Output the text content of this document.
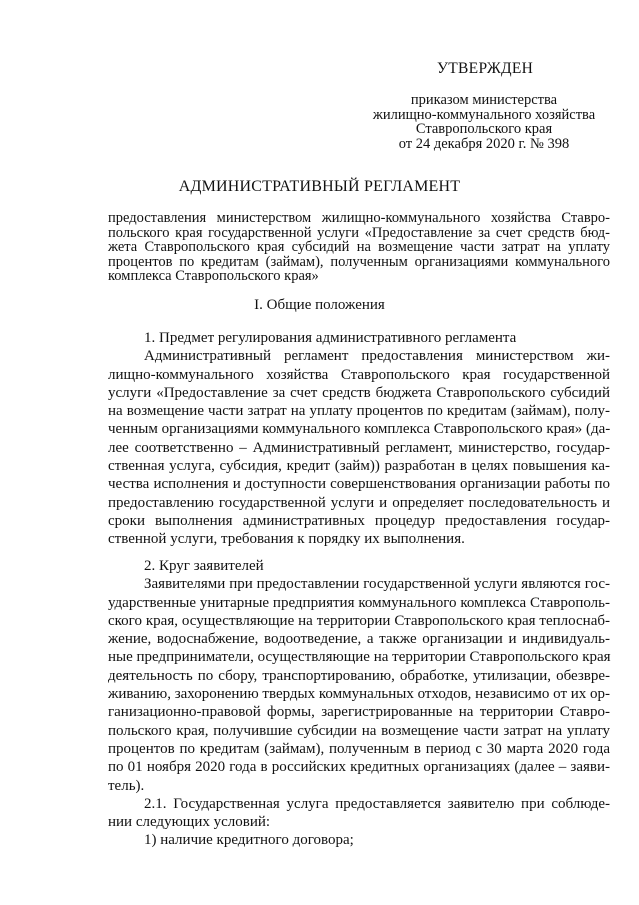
УТВЕРЖДЕН
приказом министерства
жилищно-коммунального хозяйства
Ставропольского края
от 24 декабря 2020 г. № 398
АДМИНИСТРАТИВНЫЙ РЕГЛАМЕНТ
предоставления министерством жилищно-коммунального хозяйства Ставро-
польского края государственной услуги «Предоставление за счет средств бюд-
жета Ставропольского края субсидий на возмещение части затрат на уплату
процентов по кредитам (займам), полученным организациями коммунального
комплекса Ставропольского края»
I. Общие положения
1. Предмет регулирования административного регламента
Административный регламент предоставления министерством жи-
лищно-коммунального хозяйства Ставропольского края государственной
услуги «Предоставление за счет средств бюджета Ставропольского субсидий
на возмещение части затрат на уплату процентов по кредитам (займам), полу-
ченным организациями коммунального комплекса Ставропольского края» (да-
лее соответственно – Административный регламент, министерство, государ-
ственная услуга, субсидия, кредит (займ)) разработан в целях повышения ка-
чества исполнения и доступности совершенствования организации работы по
предоставлению государственной услуги и определяет последовательность и
сроки выполнения административных процедур предоставления государ-
ственной услуги, требования к порядку их выполнения.
2. Круг заявителей
Заявителями при предоставлении государственной услуги являются гос-
ударственные унитарные предприятия коммунального комплекса Ставрополь-
ского края, осуществляющие на территории Ставропольского края теплоснаб-
жение, водоснабжение, водоотведение, а также организации и индивидуаль-
ные предприниматели, осуществляющие на территории Ставропольского края
деятельность по сбору, транспортированию, обработке, утилизации, обезвре-
живанию, захоронению твердых коммунальных отходов, независимо от их ор-
ганизационно-правовой формы, зарегистрированные на территории Ставро-
польского края, получившие субсидии на возмещение части затрат на уплату
процентов по кредитам (займам), полученным в период с 30 марта 2020 года
по 01 ноября 2020 года в российских кредитных организациях (далее – заяви-
тель).
2.1. Государственная услуга предоставляется заявителю при соблюде-
нии следующих условий:
1) наличие кредитного договора;
